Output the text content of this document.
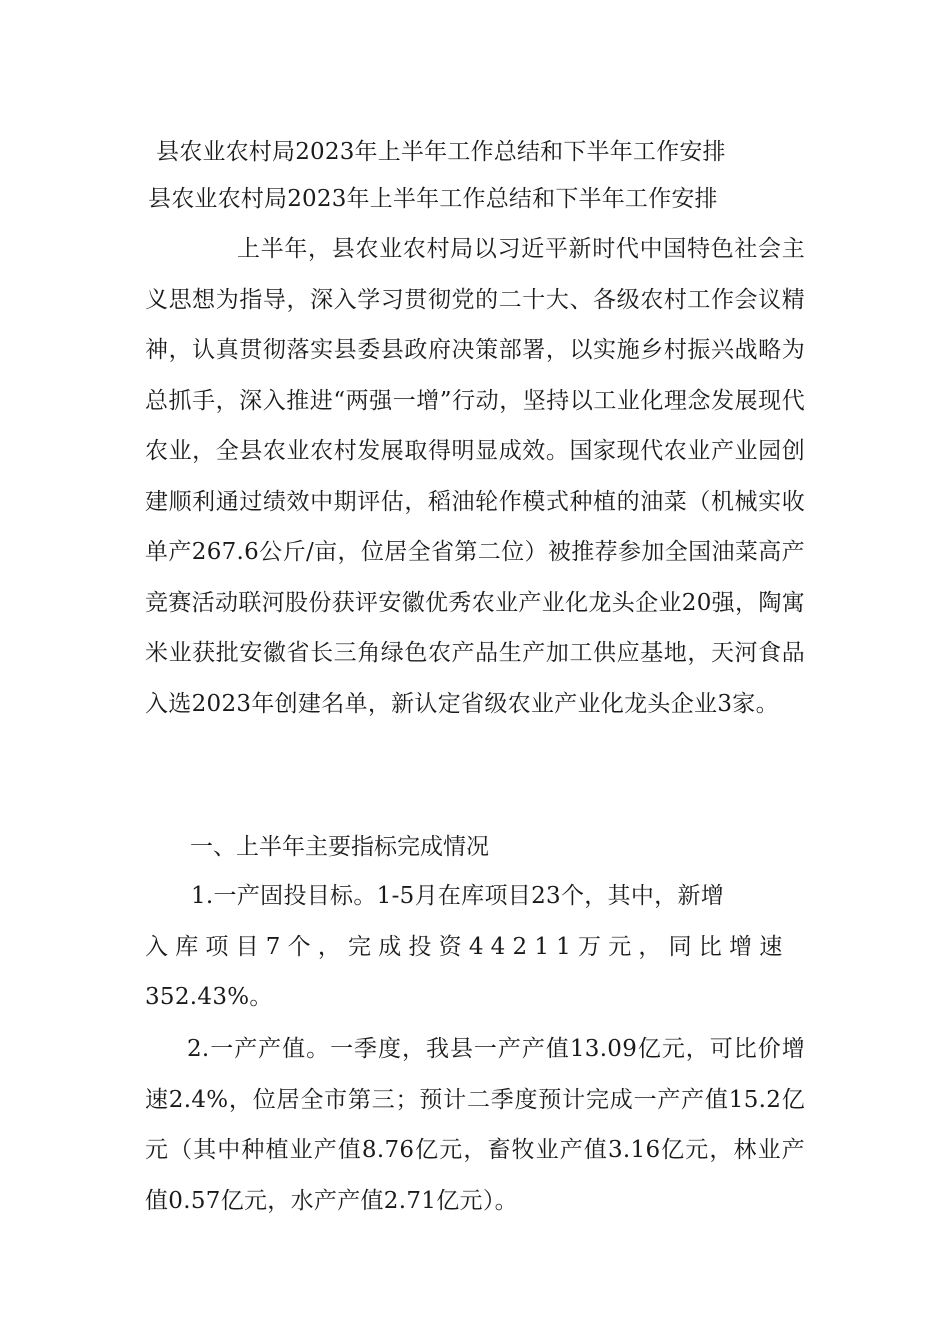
县农业农村局2023年上半年工作总结和下半年工作安排
县农业农村局2023年上半年工作总结和下半年工作安排
上半年，县农业农村局以习近平新时代中国特色社会主义思想为指导，深入学习贯彻党的二十大、各级农村工作会议精神，认真贯彻落实县委县政府决策部署，以实施乡村振兴战略为总抓手，深入推进“两强一增”行动，坚持以工业化理念发展现代农业，全县农业农村发展取得明显成效。国家现代农业产业园创建顺利通过绩效中期评估，稻油轮作模式种植的油菜（机械实收单产267.6公斤/亩，位居全省第二位）被推荐参加全国油菜高产竞赛活动联河股份获评安徽优秀农业产业化龙头企业20强，陶寓米业获批安徽省长三角绿色农产品生产加工供应基地，天河食品入选2023年创建名单，新认定省级农业产业化龙头企业3家。
一、上半年主要指标完成情况
1.一产固投目标。1-5月在库项目23个，其中，新增
入库项目7个，完成投资44211万元，同比增速
352.43%。
2.一产产值。一季度，我县一产产值13.09亿元，可比价增速2.4%，位居全市第三；预计二季度预计完成一产产值15.2亿元（其中种植业产值8.76亿元，畜牧业产值3.16亿元，林业产值0.57亿元，水产产值2.71亿元）。
